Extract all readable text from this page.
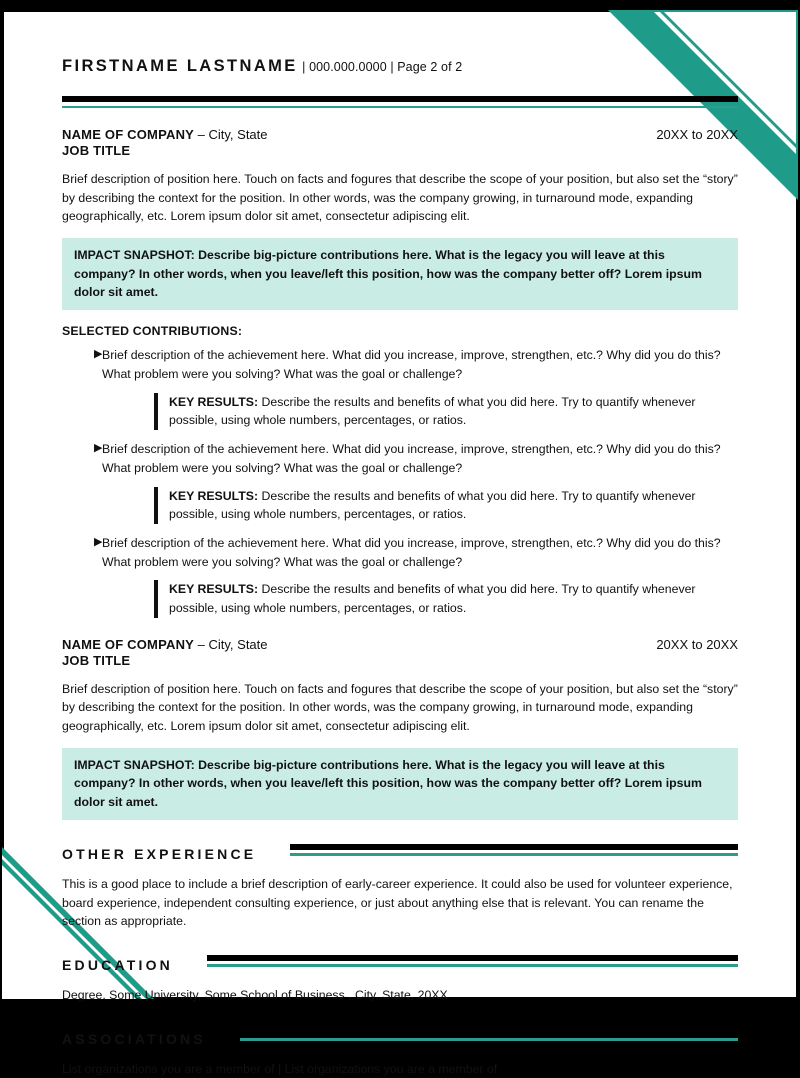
FIRSTNAME LASTNAME | 000.000.0000 | Page 2 of 2
NAME OF COMPANY – City, State	20XX to 20XX
JOB TITLE
Brief description of position here. Touch on facts and fogures that describe the scope of your position, but also set the “story” by describing the context for the position. In other words, was the company growing, in turnaround mode, expanding geographically, etc. Lorem ipsum dolor sit amet, consectetur adipiscing elit.
IMPACT SNAPSHOT: Describe big-picture contributions here. What is the legacy you will leave at this company? In other words, when you leave/left this position, how was the company better off? Lorem ipsum dolor sit amet.
SELECTED CONTRIBUTIONS:
▶ Brief description of the achievement here. What did you increase, improve, strengthen, etc.? Why did you do this? What problem were you solving? What was the goal or challenge?
KEY RESULTS: Describe the results and benefits of what you did here. Try to quantify whenever possible, using whole numbers, percentages, or ratios.
▶ Brief description of the achievement here. What did you increase, improve, strengthen, etc.? Why did you do this? What problem were you solving? What was the goal or challenge?
KEY RESULTS: Describe the results and benefits of what you did here. Try to quantify whenever possible, using whole numbers, percentages, or ratios.
▶ Brief description of the achievement here. What did you increase, improve, strengthen, etc.? Why did you do this? What problem were you solving? What was the goal or challenge?
KEY RESULTS: Describe the results and benefits of what you did here. Try to quantify whenever possible, using whole numbers, percentages, or ratios.
NAME OF COMPANY – City, State	20XX to 20XX
JOB TITLE
Brief description of position here. Touch on facts and fogures that describe the scope of your position, but also set the “story” by describing the context for the position. In other words, was the company growing, in turnaround mode, expanding geographically, etc. Lorem ipsum dolor sit amet, consectetur adipiscing elit.
IMPACT SNAPSHOT: Describe big-picture contributions here. What is the legacy you will leave at this company? In other words, when you leave/left this position, how was the company better off? Lorem ipsum dolor sit amet.
OTHER EXPERIENCE
This is a good place to include a brief description of early-career experience. It could also be used for volunteer experience, board experience, independent consulting experience, or just about anything else that is relevant. You can rename the section as appropriate.
EDUCATION
Degree, Some University, Some School of Business , City, State, 20XX
ASSOCIATIONS
List organizations you are a member of | List organizations you are a member of
